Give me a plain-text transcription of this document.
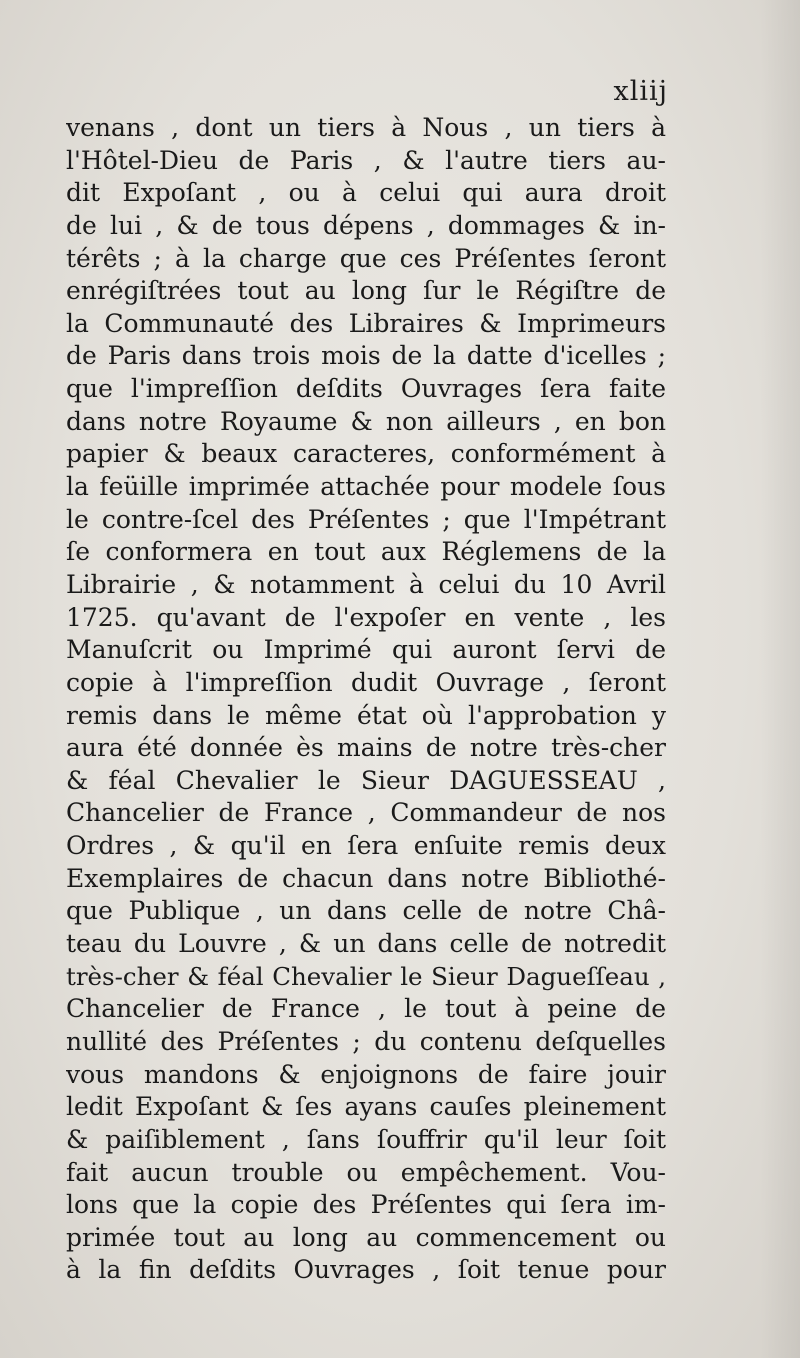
xliij
venans , dont un tiers à Nous , un tiers à
l'Hôtel-Dieu de Paris , & l'autre tiers au-
dit Expoſant , ou à celui qui aura droit
de lui , & de tous dépens , dommages & in-
térêts ; à la charge que ces Préſentes ſeront
enrégiſtrées tout au long ſur le Régiſtre de
la Communauté des Libraires & Imprimeurs
de Paris dans trois mois de la datte d'icelles ;
que l'impreſſion deſdits Ouvrages ſera faite
dans notre Royaume & non ailleurs , en bon
papier & beaux caracteres, conformément à
la feüille imprimée attachée pour modele ſous
le contre-ſcel des Préſentes ; que l'Impétrant
ſe conformera en tout aux Réglemens de la
Librairie , & notamment à celui du 10 Avril
1725. qu'avant de l'expoſer en vente , les
Manuſcrit ou Imprimé qui auront ſervi de
copie à l'impreſſion dudit Ouvrage , ſeront
remis dans le même état où l'approbation y
aura été donnée ès mains de notre très-cher
& féal Chevalier le Sieur DAGUESSEAU ,
Chancelier de France , Commandeur de nos
Ordres , & qu'il en ſera enſuite remis deux
Exemplaires de chacun dans notre Bibliothé-
que Publique , un dans celle de notre Châ-
teau du Louvre , & un dans celle de notredit
très-cher & féal Chevalier le Sieur Dagueſſeau ,
Chancelier de France , le tout à peine de
nullité des Préſentes ; du contenu deſquelles
vous mandons & enjoignons de faire jouir
ledit Expoſant & ſes ayans cauſes pleinement
& paiſiblement , ſans ſouffrir qu'il leur ſoit
fait aucun trouble ou empêchement. Vou-
lons que la copie des Préſentes qui ſera im-
primée tout au long au commencement ou
à la fin deſdits Ouvrages , ſoit tenue pour
